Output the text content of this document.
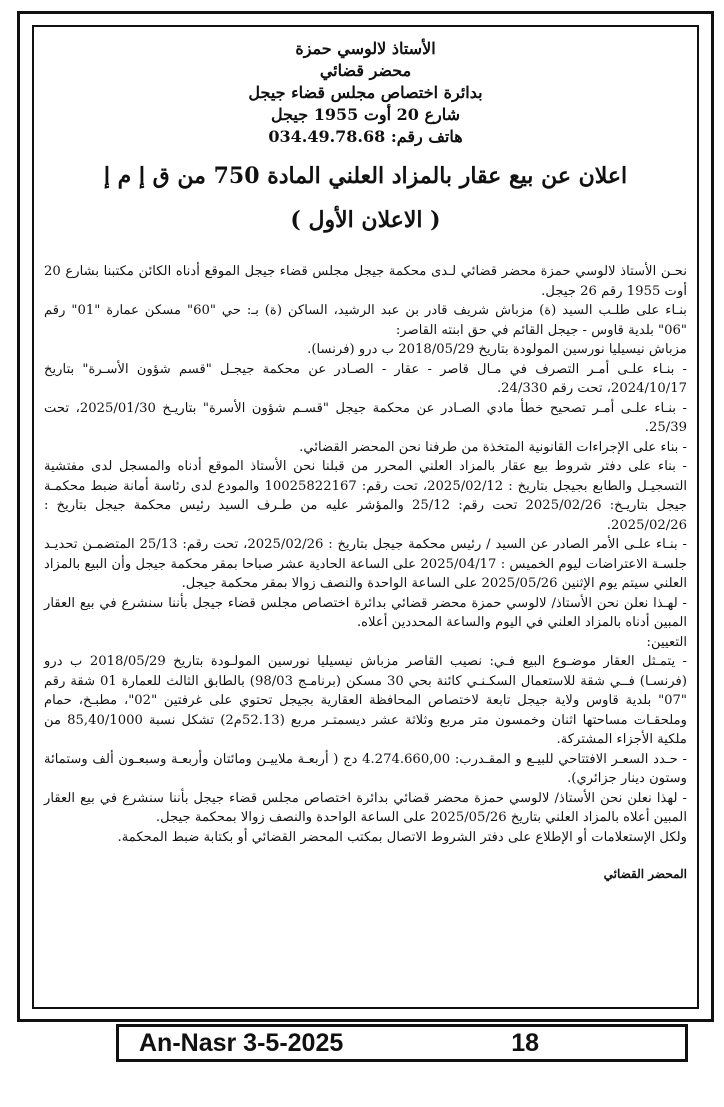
الأستاذ لالوسي حمزة
محضر قضائي
بدائرة اختصاص مجلس قضاء جيجل
شارع 20 أوت 1955 جيجل
هاتف رقم: 034.49.78.68
اعلان عن بيع عقار بالمزاد العلني المادة 750 من ق إ م إ
( الاعلان الأول )

نحـن الأستاذ لالوسي حمزة محضر قضائي لـدى محكمة جيجل مجلس قضاء جيجل الموقع أدناه الكائن مكتبنا بشارع 20 أوت 1955 رقم 26 جيجل.

بنـاء على طلـب السيد (ة) مزباش شريف قادر بن عبد الرشيد، الساكن (ة) بـ: حي "60" مسكن عمارة "01" رقم "06" بلدية قاوس - جيجل القائم في حق ابنته القاصر:

مزباش نيسيليا نورسين المولودة بتاريخ 2018/05/29 ب درو (فرنسا).

- بنـاء علـى أمـر التصرف في مـال قاصر - عقار - الصـادر عن محكمة جيجـل "قسم شؤون الأسـرة" بتاريخ 2024/10/17، تحت رقم 24/330.

- بنـاء علـى أمـر تصحيح خطأ مادي الصـادر عن محكمة جيجل "قسـم شؤون الأسرة" بتاريـخ 2025/01/30، تحت 25/39.

- بناء على الإجراءات القانونية المتخذة من طرفنا نحن المحضر القضائي.

- بناء على دفتر شروط بيع عقار بالمزاد العلني المحرر من قبلنا نحن الأستاذ الموقع أدناه والمسجل لدى مفتشية التسجيـل والطابع بجيجل بتاريخ : 2025/02/12، تحت رقم: 10025822167 والمودع لدى رئاسة أمانة ضبط محكمـة جيجل بتاريـخ: 2025/02/26 تحت رقم: 25/12 والمؤشر عليه من طـرف السيد رئيس محكمة جيجل بتاريخ : 2025/02/26.

- بنـاء علـى الأمر الصادر عن السيد / رئيس محكمة جيجل بتاريخ : 2025/02/26، تحت رقم: 25/13 المتضمـن تحديـد جلسـة الاعتراضات ليوم الخميس : 2025/04/17 على الساعة الحادية عشر صباحا بمقر محكمة جيجل وأن البيع بالمزاد العلني سيتم يوم الإثنين 2025/05/26 على الساعة الواحدة والنصف زوالا بمقر محكمة جيجل.

- لهـذا نعلن نحن الأستاذ/ لالوسي حمزة محضر قضائي بدائرة اختصاص مجلس قضاء جيجل بأننا سنشرع في بيع العقار المبين أدناه بالمزاد العلني في اليوم والساعة المحددين أعلاه.

التعيين:

- يتمـثل العقار موضـوع البيع فـي: نصيب القاصر مزباش نيسيليا نورسين المولـودة بتاريخ 2018/05/29 ب درو (فرنسـا) فــي شقة للاستعمال السكـنـي كائنة بحي 30 مسكن (برنامـج 98/03) بالطابق الثالث للعمارة 01 شقة رقم "07" بلدية قاوس ولاية جيجل تابعة لاختصاص المحافظة العقارية بجيجل تحتوي على غرفتين "02"، مطبـخ، حمام وملحقـات مساحتها اثنان وخمسون متر مربع وثلاثة عشر ديسمتـر مربع (52.13م2) تشكل نسبة 85,40/1000 من ملكية الأجزاء المشتركة.

- حـدد السعـر الافتتاحي للبيـع و المقـدرب: 4.274.660,00 دج ( أربعـة ملاييـن ومائتان وأربعـة وسبعـون ألف وستمائة وستون دينار جزائري).

- لهذا نعلن نحن الأستاذ/ لالوسي حمزة محضر قضائي بدائرة اختصاص مجلس قضاء جيجل بأننا سنشرع في بيع العقار المبين أعلاه بالمزاد العلني بتاريخ 2025/05/26 على الساعة الواحدة والنصف زوالا بمحكمة جيجل.

ولكل الإستعلامات أو الإطلاع على دفتر الشروط الاتصال بمكتب المحضر القضائي أو بكتابة ضبط المحكمة.

المحضر القضائي
An-Nasr 3-5-2025	18
